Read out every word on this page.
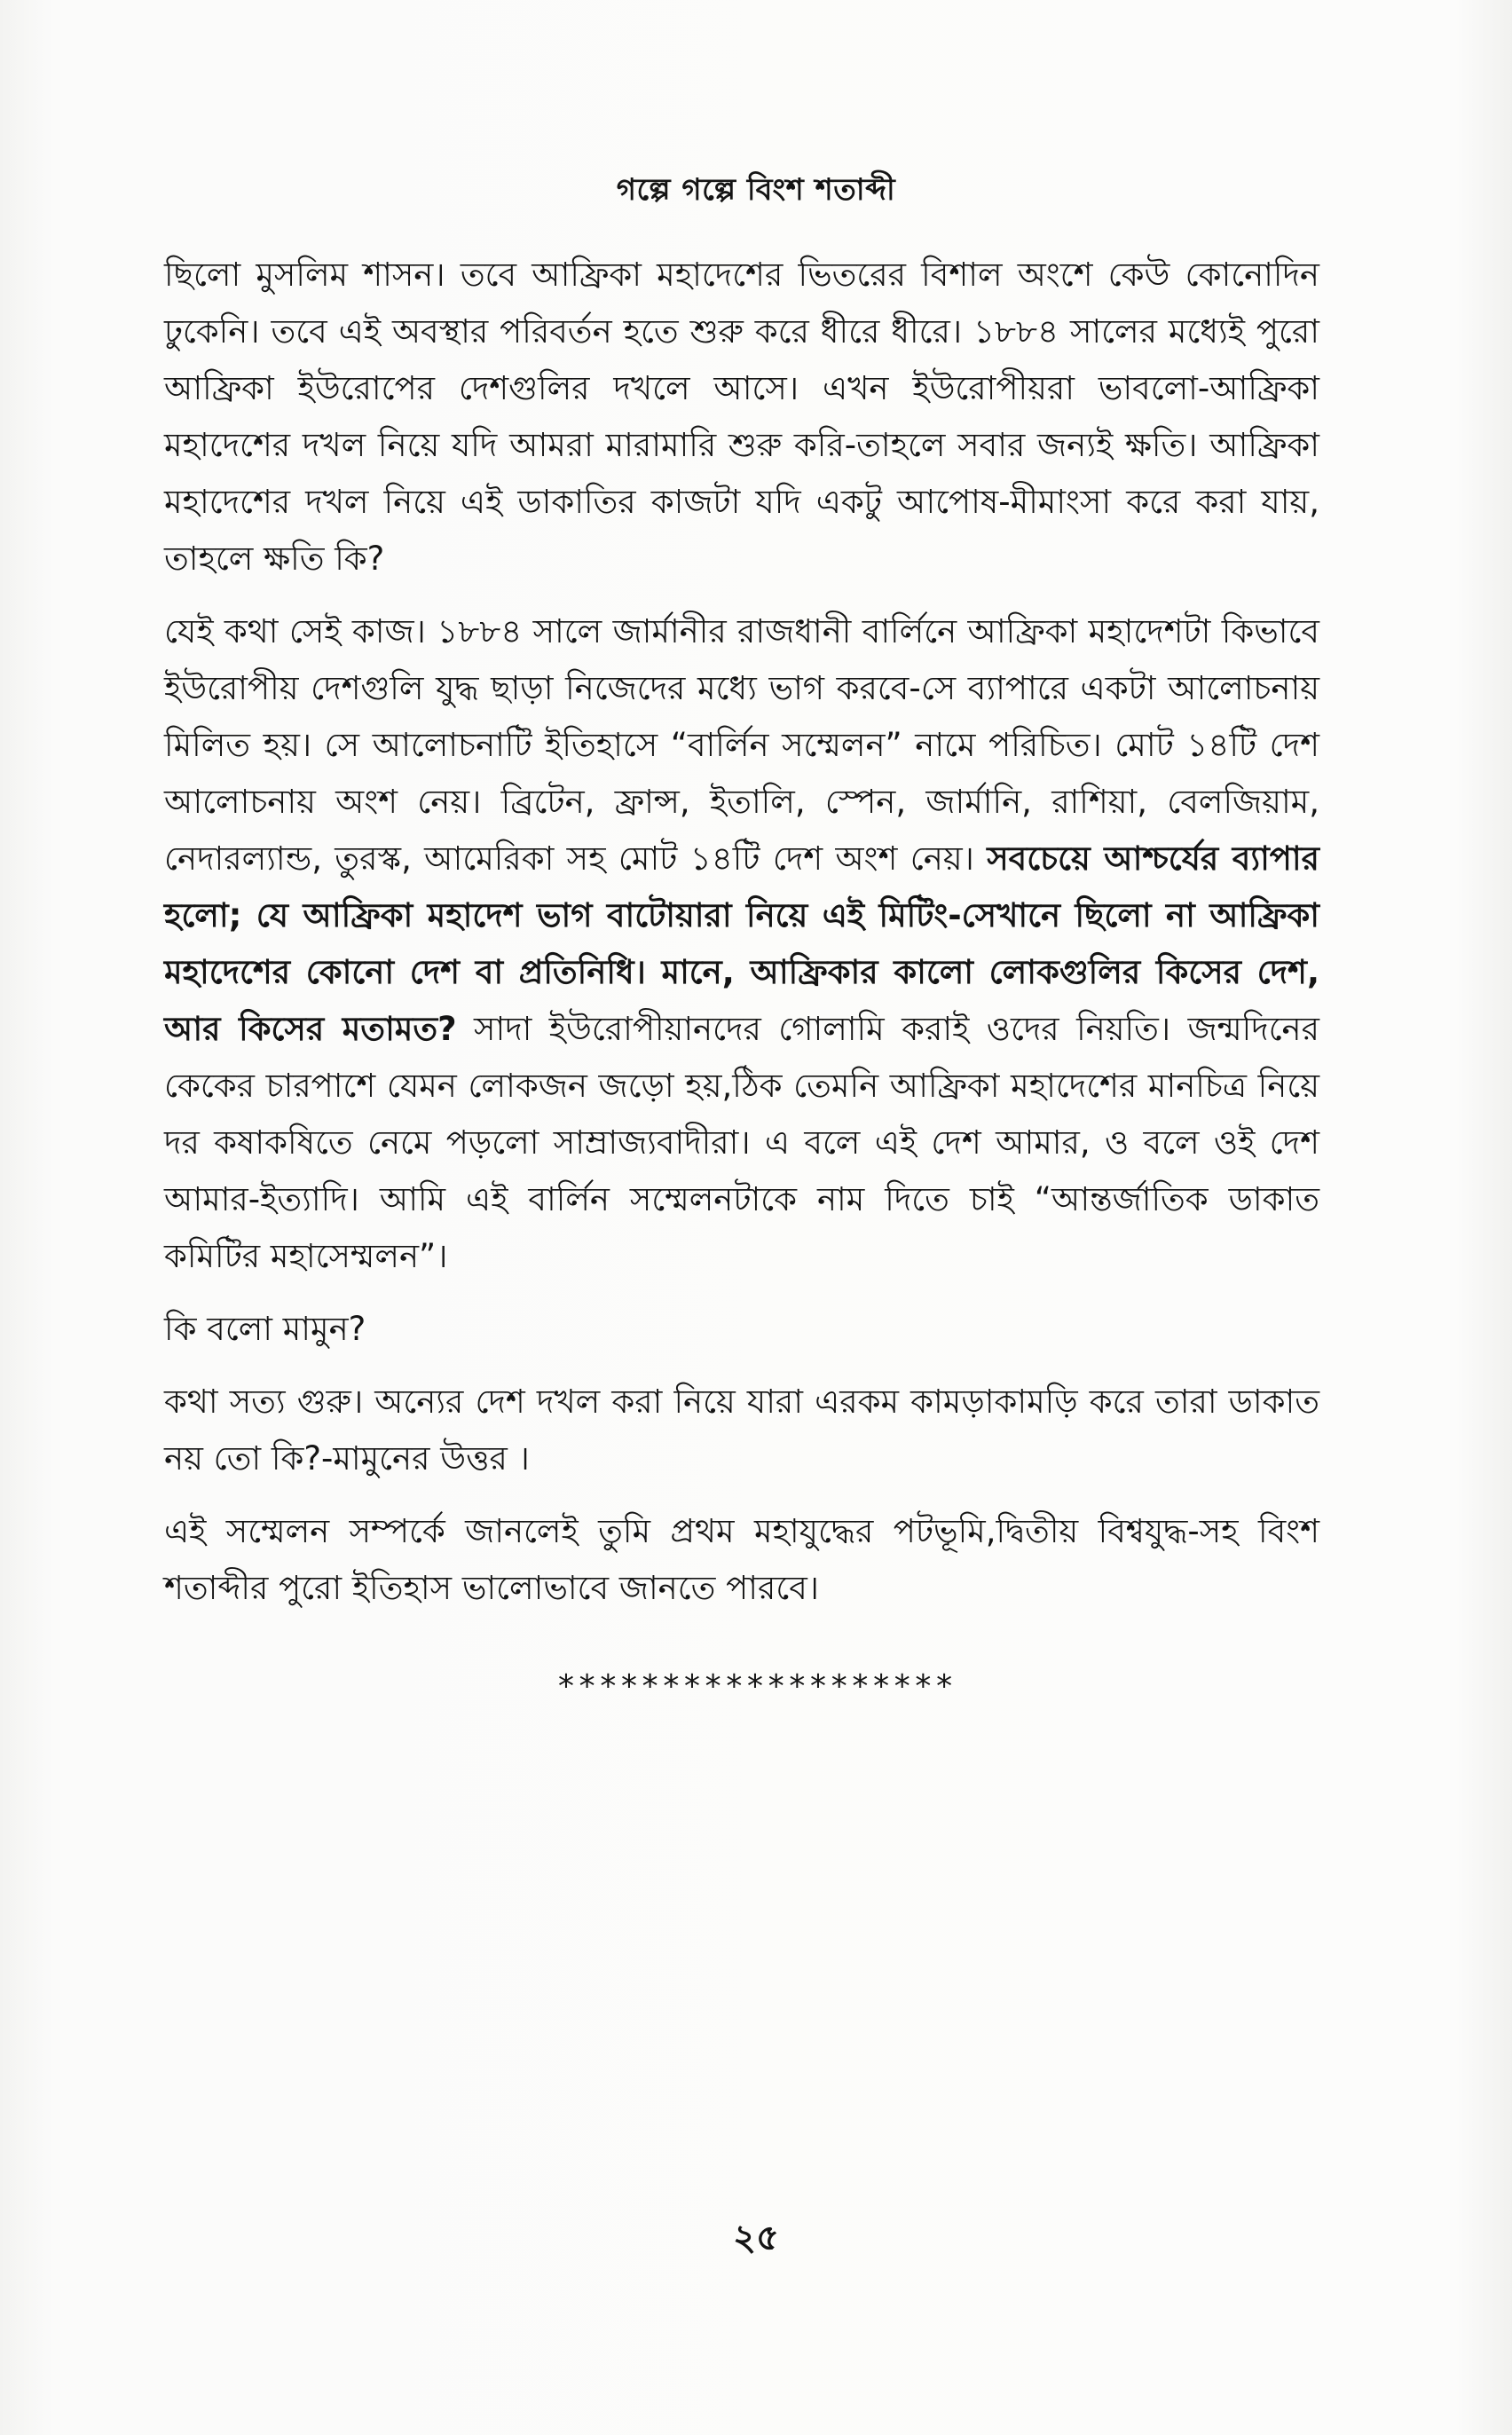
গল্পে গল্পে বিংশ শতাব্দী

ছিলো মুসলিম শাসন। তবে আফ্রিকা মহাদেশের ভিতরের বিশাল অংশে কেউ কোনোদিন ঢুকেনি। তবে এই অবস্থার পরিবর্তন হতে শুরু করে ধীরে ধীরে। ১৮৮৪ সালের মধ্যেই পুরো আফ্রিকা ইউরোপের দেশগুলির দখলে আসে। এখন ইউরোপীয়রা ভাবলো-আফ্রিকা মহাদেশের দখল নিয়ে যদি আমরা মারামারি শুরু করি-তাহলে সবার জন্যই ক্ষতি। আফ্রিকা মহাদেশের দখল নিয়ে এই ডাকাতির কাজটা যদি একটু আপোষ-মীমাংসা করে করা যায়, তাহলে ক্ষতি কি?

যেই কথা সেই কাজ। ১৮৮৪ সালে জার্মানীর রাজধানী বার্লিনে আফ্রিকা মহাদেশটা কিভাবে ইউরোপীয় দেশগুলি যুদ্ধ ছাড়া নিজেদের মধ্যে ভাগ করবে-সে ব্যাপারে একটা আলোচনায় মিলিত হয়। সে আলোচনাটি ইতিহাসে “বার্লিন সম্মেলন” নামে পরিচিত। মোট ১৪টি দেশ আলোচনায় অংশ নেয়। ব্রিটেন, ফ্রান্স, ইতালি, স্পেন, জার্মানি, রাশিয়া, বেলজিয়াম, নেদারল্যান্ড, তুরস্ক, আমেরিকা সহ মোট ১৪টি দেশ অংশ নেয়। সবচেয়ে আশ্চর্যের ব্যাপার হলো; যে আফ্রিকা মহাদেশ ভাগ বাটোয়ারা নিয়ে এই মিটিং-সেখানে ছিলো না আফ্রিকা মহাদেশের কোনো দেশ বা প্রতিনিধি। মানে, আফ্রিকার কালো লোকগুলির কিসের দেশ, আর কিসের মতামত? সাদা ইউরোপীয়ানদের গোলামি করাই ওদের নিয়তি। জন্মদিনের কেকের চারপাশে যেমন লোকজন জড়ো হয়,ঠিক তেমনি আফ্রিকা মহাদেশের মানচিত্র নিয়ে দর কষাকষিতে নেমে পড়লো সাম্রাজ্যবাদীরা। এ বলে এই দেশ আমার, ও বলে ওই দেশ আমার-ইত্যাদি। আমি এই বার্লিন সম্মেলনটাকে নাম দিতে চাই “আন্তর্জাতিক ডাকাত কমিটির মহাসেম্মলন”।

কি বলো মামুন?

কথা সত্য গুরু। অন্যের দেশ দখল করা নিয়ে যারা এরকম কামড়াকামড়ি করে তারা ডাকাত নয় তো কি?-মামুনের উত্তর ।

এই সম্মেলন সম্পর্কে জানলেই তুমি প্রথম মহাযুদ্ধের পটভূমি,দ্বিতীয় বিশ্বযুদ্ধ-সহ বিংশ শতাব্দীর পুরো ইতিহাস ভালোভাবে জানতে পারবে।

*******************
২৫
